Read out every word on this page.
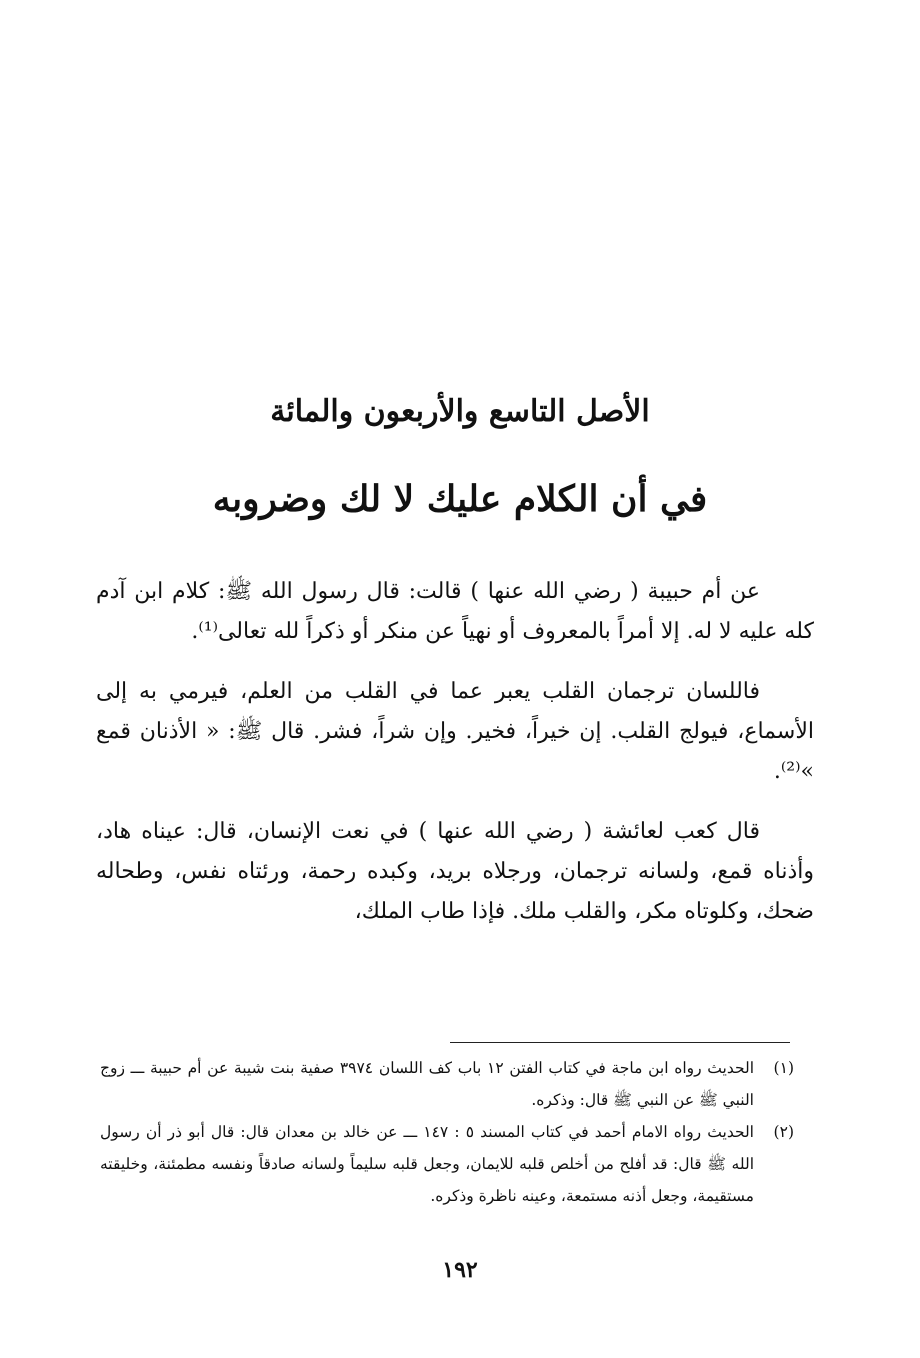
الأصل التاسع والأربعون والمائة
في أن الكلام عليك لا لك وضروبه

عن أم حبيبة ( رضي الله عنها ) قالت: قال رسول الله ﷺ: كلام ابن آدم كله عليه لا له. إلا أمراً بالمعروف أو نهياً عن منكر أو ذكراً لله تعالى⁽¹⁾.

فاللسان ترجمان القلب يعبر عما في القلب من العلم، فيرمي به إلى الأسماع، فيولج القلب. إن خيراً، فخير. وإن شراً، فشر. قال ﷺ: « الأذنان قمع »⁽²⁾.

قال كعب لعائشة ( رضي الله عنها ) في نعت الإنسان، قال: عيناه هاد، وأذناه قمع، ولسانه ترجمان، ورجلاه بريد، وكبده رحمة، ورئتاه نفس، وطحاله ضحك، وكلوتاه مكر، والقلب ملك. فإذا طاب الملك،

(١)
الحديث رواه ابن ماجة في كتاب الفتن ١٢ باب كف اللسان ٣٩٧٤ صفية بنت شيبة عن أم حبيبة ـــ زوج النبي ﷺ عن النبي ﷺ قال: وذكره.
(٢)
الحديث رواه الامام أحمد في كتاب المسند ٥ : ١٤٧ ـــ عن خالد بن معدان قال: قال أبو ذر أن رسول الله ﷺ قال: قد أفلح من أخلص قلبه للايمان، وجعل قلبه سليماً ولسانه صادقاً ونفسه مطمئنة، وخليقته مستقيمة، وجعل أذنه مستمعة، وعينه ناظرة وذكره.
١٩٢
